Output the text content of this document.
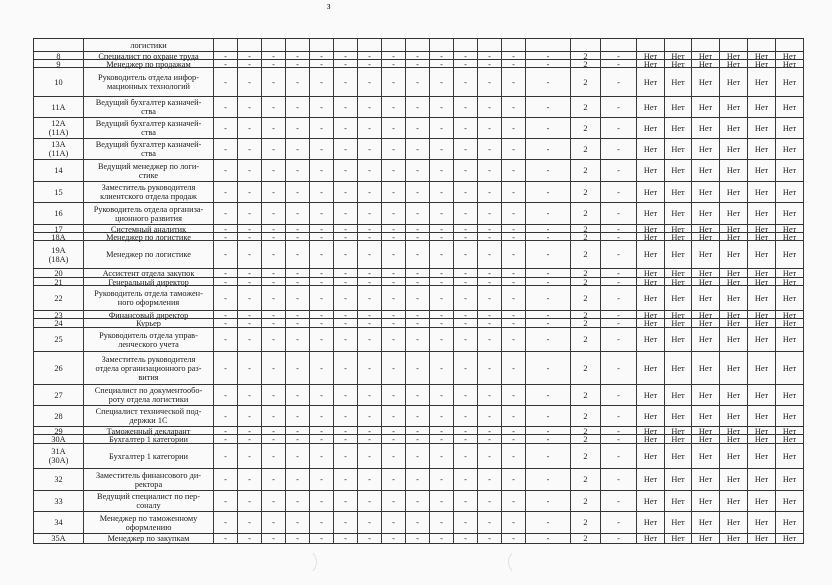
3
логистики
8	Специалист по охране труда	-	-	-	-	-	-	-	-	-	-	-	-	-	-	2	-	Нет Нет Нет Нет Нет Нет
9	Менеджер по продажам	-	-	-	-	-	-	-	-	-	-	-	-	-	-	2	-	Нет Нет Нет Нет Нет Нет
10	Руководитель отдела инфор-
мационных технологий	-	-	-	-	-	-	-	-	-	-	-	-	-	-	2	-	Нет Нет Нет Нет Нет Нет
11А	Ведущий бухгалтер казначей-
ства	-	-	-	-	-	-	-	-	-	-	-	-	-	-	2	-	Нет Нет Нет Нет Нет Нет
12А
(11А)
Ведущий бухгалтер казначей-
ства	-	-	-	-	-	-	-	-	-	-	-	-	-	-	2	-	Нет Нет Нет Нет Нет Нет
13А
(11А)
Ведущий бухгалтер казначей-
ства	-	-	-	-	-	-	-	-	-	-	-	-	-	-	2	-	Нет Нет Нет Нет Нет Нет
14	Ведущий менеджер по логи-
стике	-	-	-	-	-	-	-	-	-	-	-	-	-	-	2	-	Нет Нет Нет Нет Нет Нет
15	Заместитель руководителя
клиентского отдела продаж	-	-	-	-	-	-	-	-	-	-	-	-	-	-	2	-	Нет Нет Нет Нет Нет Нет
16	Руководитель отдела организа-
ционного развития	-	-	-	-	-	-	-	-	-	-	-	-	-	-	2	-	Нет Нет Нет Нет Нет Нет
17	Системный аналитик	-	-	-	-	-	-	-	-	-	-	-	-	-	-	2	-	Нет Нет Нет Нет Нет Нет
18А	Менеджер по логистике	-	-	-	-	-	-	-	-	-	-	-	-	-	-	2	-	Нет Нет Нет Нет Нет Нет
19А
(18А)	Менеджер по логистике	-	-	-	-	-	-	-	-	-	-	-	-	-	-	2	-	Нет Нет Нет Нет Нет Нет
20	Ассистент отдела закупок	-	-	-	-	-	-	-	-	-	-	-	-	-	-	2	-	Нет Нет Нет Нет Нет Нет
21	Генеральный директор	-	-	-	-	-	-	-	-	-	-	-	-	-	-	2	-	Нет Нет Нет Нет Нет Нет
22	Руководитель отдела таможен-
ного оформления	-	-	-	-	-	-	-	-	-	-	-	-	-	-	2	-	Нет Нет Нет Нет Нет Нет
23	Финансовый директор	-	-	-	-	-	-	-	-	-	-	-	-	-	-	2	-	Нет Нет Нет Нет Нет Нет
24	Курьер	-	-	-	-	-	-	-	-	-	-	-	-	-	-	2	-	Нет Нет Нет Нет Нет Нет
25	Руководитель отдела управ-
ленческого учета	-	-	-	-	-	-	-	-	-	-	-	-	-	-	2	-	Нет Нет Нет Нет Нет Нет
26
Заместитель руководителя
отдела организационного раз-
вития
-	-	-	-	-	-	-	-	-	-	-	-	-	-	2	-	Нет Нет Нет Нет Нет Нет
27	Специалист по документообо-
роту отдела логистики	-	-	-	-	-	-	-	-	-	-	-	-	-	-	2	-	Нет Нет Нет Нет Нет Нет
28	Специалист технической под-
держки 1С	-	-	-	-	-	-	-	-	-	-	-	-	-	-	2	-	Нет Нет Нет Нет Нет Нет
29	Таможенный декларант	-	-	-	-	-	-	-	-	-	-	-	-	-	-	2	-	Нет Нет Нет Нет Нет Нет
30А	Бухгалтер 1 категории	-	-	-	-	-	-	-	-	-	-	-	-	-	-	2	-	Нет Нет Нет Нет Нет Нет
31А
(30А)	Бухгалтер 1 категории	-	-	-	-	-	-	-	-	-	-	-	-	-	-	2	-	Нет Нет Нет Нет Нет Нет
32	Заместитель финансового ди-
ректора	-	-	-	-	-	-	-	-	-	-	-	-	-	-	2	-	Нет Нет Нет Нет Нет Нет
33	Ведущий специалист по пер-
соналу	-	-	-	-	-	-	-	-	-	-	-	-	-	-	2	-	Нет Нет Нет Нет Нет Нет
34	Менеджер по таможенному
оформлению	-	-	-	-	-	-	-	-	-	-	-	-	-	-	2	-	Нет Нет Нет Нет Нет Нет
35А	Менеджер по закупкам	-	-	-	-	-	-	-	-	-	-	-	-	-	-	2	-	Нет Нет Нет Нет Нет Нет
